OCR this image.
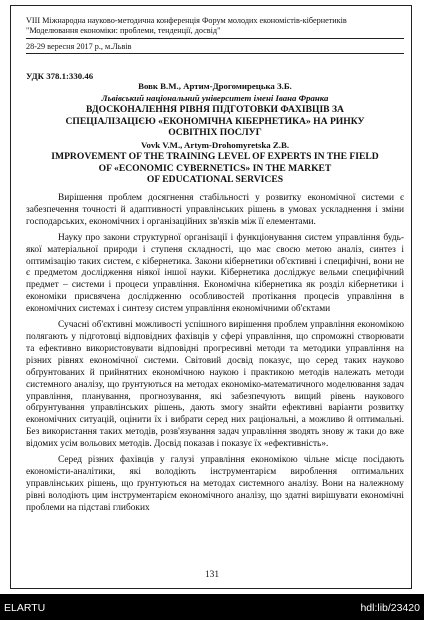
VIII Міжнародна науково-методична конференція Форум молодих економістів-кібернетиків
"Моделювання економіки: проблеми, тенденції, досвід"
28-29 вересня 2017 р., м.Львів
УДК 378.1:330.46
Вовк В.М., Артим-Дрогомирецька З.Б.
Львівський національний університет імені Івана Франка
ВДОСКОНАЛЕННЯ РІВНЯ ПІДГОТОВКИ ФАХІВЦІВ ЗА
СПЕЦІАЛІЗАЦІЄЮ «ЕКОНОМІЧНА КІБЕРНЕТИКА» НА РИНКУ
ОСВІТНІХ ПОСЛУГ
Vovk V.M., Artym-Drohomyretska Z.B.
IMPROVEMENT OF THE TRAINING LEVEL OF EXPERTS IN THE FIELD
OF «ECONOMIC CYBERNETICS» IN THE MARKET
OF EDUCATIONAL SERVICES

Вирішення проблем досягнення стабільності у розвитку економічної системи є забезпечення точності й адаптивності управлінських рішень в умовах ускладнення і зміни господарських, економічних і організаційних зв'язків між її елементами.

Науку про закони структурної організації і функціонування систем управління будь-якої матеріальної природи і ступеня складності, що має своєю метою аналіз, синтез і оптимізацію таких систем, є кібернетика. Закони кібернетики об'єктивні і специфічні, вони не є предметом дослідження ніякої іншої науки. Кібернетика досліджує вельми специфічний предмет – системи і процеси управління. Економічна кібернетика як розділ кібернетики і економіки присвячена дослідженню особливостей протікання процесів управління в економічних системах і синтезу систем управління економічними об'єктами

Сучасні об'єктивні можливості успішного вирішення проблем управління економікою полягають у підготовці відповідних фахівців у сфері управління, що спроможні створювати та ефективно використовувати відповідні прогресивні методи та методики управління на різних рівнях економічної системи. Світовий досвід показує, що серед таких науково обґрунтованих й прийнятних економічною наукою і практикою методів належать методи системного аналізу, що ґрунтуються на методах економіко-математичного моделювання задач управління, планування, прогнозування, які забезпечують вищий рівень наукового обґрунтування управлінських рішень, дають змогу знайти ефективні варіанти розвитку економічних ситуацій, оцінити їх і вибрати серед них раціональні, а можливо й оптимальні. Без використання таких методів, розв'язування задач управління зводять знову ж таки до вже відомих усім вольових методів. Досвід показав і показує їх «ефективність».

Серед різних фахівців у галузі управління економікою чільне місце посідають економісти-аналітики, які володіють інструментарієм вироблення оптимальних управлінських рішень, що ґрунтуються на методах системного аналізу. Вони на належному рівні володіють цим інструментарієм економічного аналізу, що здатні вирішувати економічні проблеми на підставі глибоких

131
ELARTU	hdl:lib/23420
